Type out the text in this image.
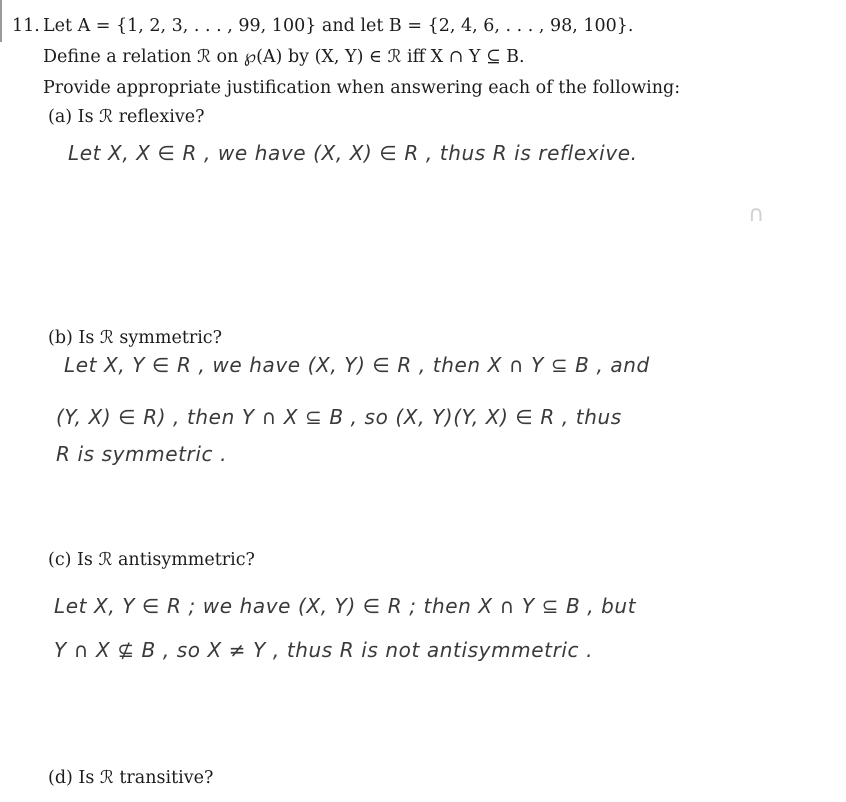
11. Let A = {1, 2, 3, . . . , 99, 100} and let B = {2, 4, 6, . . . , 98, 100}.
Define a relation ℛ on ℘(A) by (X, Y) ∈ ℛ iff X ∩ Y ⊆ B.
Provide appropriate justification when answering each of the following:
(a) Is ℛ reflexive?
Let X, X ∈ R , we have (X, X) ∈ R , thus R is reflexive.
∩
(b) Is ℛ symmetric?
Let X, Y ∈ R , we have (X, Y) ∈ R , then X ∩ Y ⊆ B , and
(Y, X) ∈ R) , then Y ∩ X ⊆ B , so (X, Y)(Y, X) ∈ R , thus
R is symmetric .
(c) Is ℛ antisymmetric?
Let X, Y ∈ R ; we have (X, Y) ∈ R ; then X ∩ Y ⊆ B , but
Y ∩ X ⊈ B , so X ≠ Y , thus R is not antisymmetric .
(d) Is ℛ transitive?
